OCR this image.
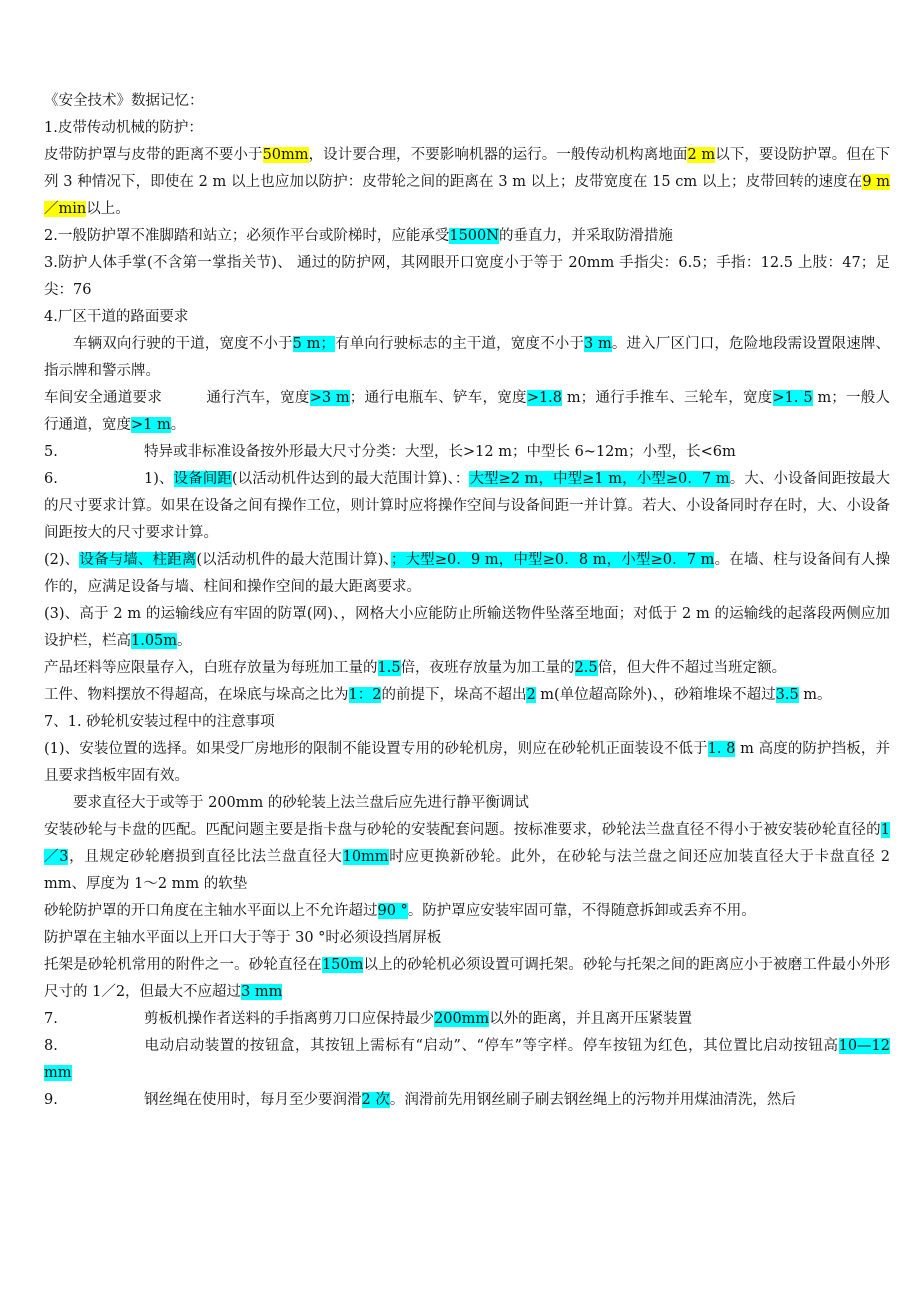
《安全技术》数据记忆：

1.皮带传动机械的防护：

皮带防护罩与皮带的距离不要小于50mm，设计要合理，不要影响机器的运行。一般传动机构离地面2 m以下，要设防护罩。但在下列 3 种情况下，即使在 2 m 以上也应加以防护：皮带轮之间的距离在 3 m 以上；皮带宽度在 15 cm 以上；皮带回转的速度在9 m／min以上。

2.一般防护罩不准脚踏和站立；必须作平台或阶梯时，应能承受1500N的垂直力，并采取防滑措施

3.防护人体手掌(不含第一掌指关节)、 通过的防护网，其网眼开口宽度小于等于 20mm 手指尖：6.5；手指：12.5 上肢：47；足尖：76

4.厂区干道的路面要求

车辆双向行驶的干道，宽度不小于5 m；有单向行驶标志的主干道，宽度不小于3 m。进入厂区门口，危险地段需设置限速牌、指示牌和警示牌。

车间安全通道要求　　　通行汽车，宽度>3 m；通行电瓶车、铲车，宽度>1.8 m；通行手推车、三轮车，宽度>1. 5 m；一般人行通道，宽度>1 m。

5.	特异或非标准设备按外形最大尺寸分类：大型，长>12 m；中型长 6~12m；小型，长<6m

6.	1)、设备间距(以活动机件达到的最大范围计算)、：大型≥2 m，中型≥1 m，小型≥0．7 m。大、小设备间距按最大的尺寸要求计算。如果在设备之间有操作工位，则计算时应将操作空间与设备间距一并计算。若大、小设备同时存在时，大、小设备间距按大的尺寸要求计算。

(2)、设备与墙、柱距离(以活动机件的最大范围计算)、；大型≥0．9 m，中型≥0．8 m，小型≥0．7 m。在墙、柱与设备间有人操作的，应满足设备与墙、柱间和操作空间的最大距离要求。

(3)、高于 2 m 的运输线应有牢固的防罩(网)、，网格大小应能防止所输送物件坠落至地面；对低于 2 m 的运输线的起落段两侧应加设护栏，栏高1.05m。

产品坯料等应限量存入，白班存放量为每班加工量的1.5倍，夜班存放量为加工量的2.5倍，但大件不超过当班定额。

工件、物料摆放不得超高，在垛底与垛高之比为1：2的前提下，垛高不超出2 m(单位超高除外)、，砂箱堆垛不超过3.5 m。

7、1. 砂轮机安装过程中的注意事项

(1)、安装位置的选择。如果受厂房地形的限制不能设置专用的砂轮机房，则应在砂轮机正面装设不低于1. 8 m 高度的防护挡板，并且要求挡板牢固有效。

要求直径大于或等于 200mm 的砂轮装上法兰盘后应先进行静平衡调试

安装砂轮与卡盘的匹配。匹配问题主要是指卡盘与砂轮的安装配套问题。按标准要求，砂轮法兰盘直径不得小于被安装砂轮直径的1／3，且规定砂轮磨损到直径比法兰盘直径大10mm时应更换新砂轮。此外，在砂轮与法兰盘之间还应加装直径大于卡盘直径 2 mm、厚度为 1～2 mm 的软垫

砂轮防护罩的开口角度在主轴水平面以上不允许超过90 °。防护罩应安装牢固可靠，不得随意拆卸或丢弃不用。

防护罩在主轴水平面以上开口大于等于 30 °时必须设挡屑屏板

托架是砂轮机常用的附件之一。砂轮直径在150m以上的砂轮机必须设置可调托架。砂轮与托架之间的距离应小于被磨工件最小外形尺寸的 1／2，但最大不应超过3 mm

7.	剪板机操作者送料的手指离剪刀口应保持最少200mm以外的距离，并且离开压紧装置

8.	电动启动装置的按钮盒，其按钮上需标有“启动”、“停车”等字样。停车按钮为红色，其位置比启动按钮高10—12 mm

9.	钢丝绳在使用时，每月至少要润滑2 次。润滑前先用钢丝刷子刷去钢丝绳上的污物并用煤油清洗，然后
